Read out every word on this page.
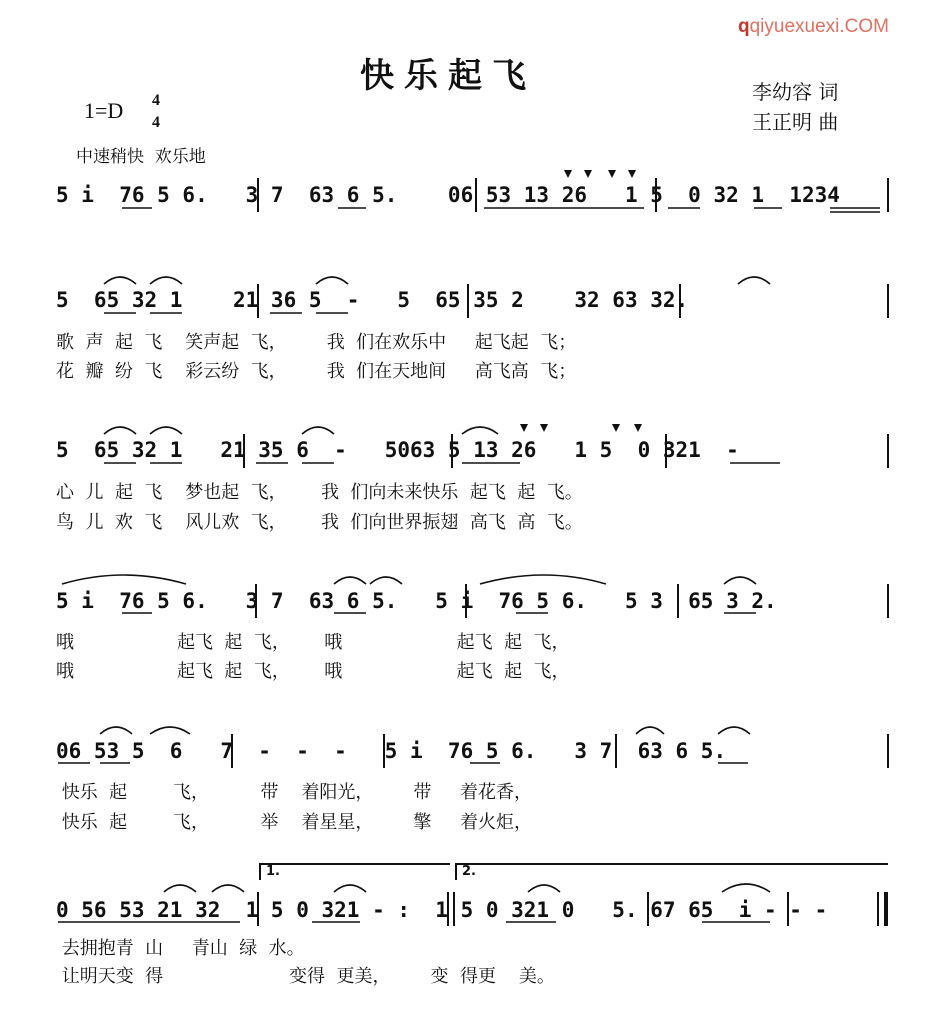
qqiyuexuexi.COM
快乐起飞	李幼容 词
王正明 曲
1=D 4
4
中速稍快  欢乐地
5 i  76 5 6.   3 7  63 6 5.    06 53 13 26   1 5  0 32 1  1234
5  65 32 1    21 36 5  -   5  65 35 2    32 63 32.
歌  声  起  飞    笑声起  飞，       我  们在欢乐中     起飞起  飞；
花  瓣  纷  飞    彩云纷  飞，       我  们在天地间     高飞高  飞；
5  65 32 1   21 35 6  -   5063 5 13 26   1 5  0 321  -
心  儿  起  飞    梦也起  飞，      我  们向未来快乐  起飞  起  飞。
鸟  儿  欢  飞    风儿欢  飞，      我  们向世界振翅  高飞  高  飞。
5 i  76 5 6.   3 7  63 6 5.   5 i  76 5 6.   5 3  65 3 2.
哦                  起飞  起  飞，      哦                    起飞  起  飞，
哦                  起飞  起  飞，      哦                    起飞  起  飞，
06 53 5  6   7  -  -  -   5 i  76 5 6.   3 7  63 6 5.
快乐  起        飞，         带    着阳光，       带     着花香，
快乐  起        飞，         举    着星星，       擎     着火炬，
1.	2.
0 56 53 21 32  1 5 0 321 - :  1 5 0 321 0   5. 67 65  i - - -
去拥抱青  山     青山  绿  水。
让明天变  得                      变得  更美，       变  得更    美。
